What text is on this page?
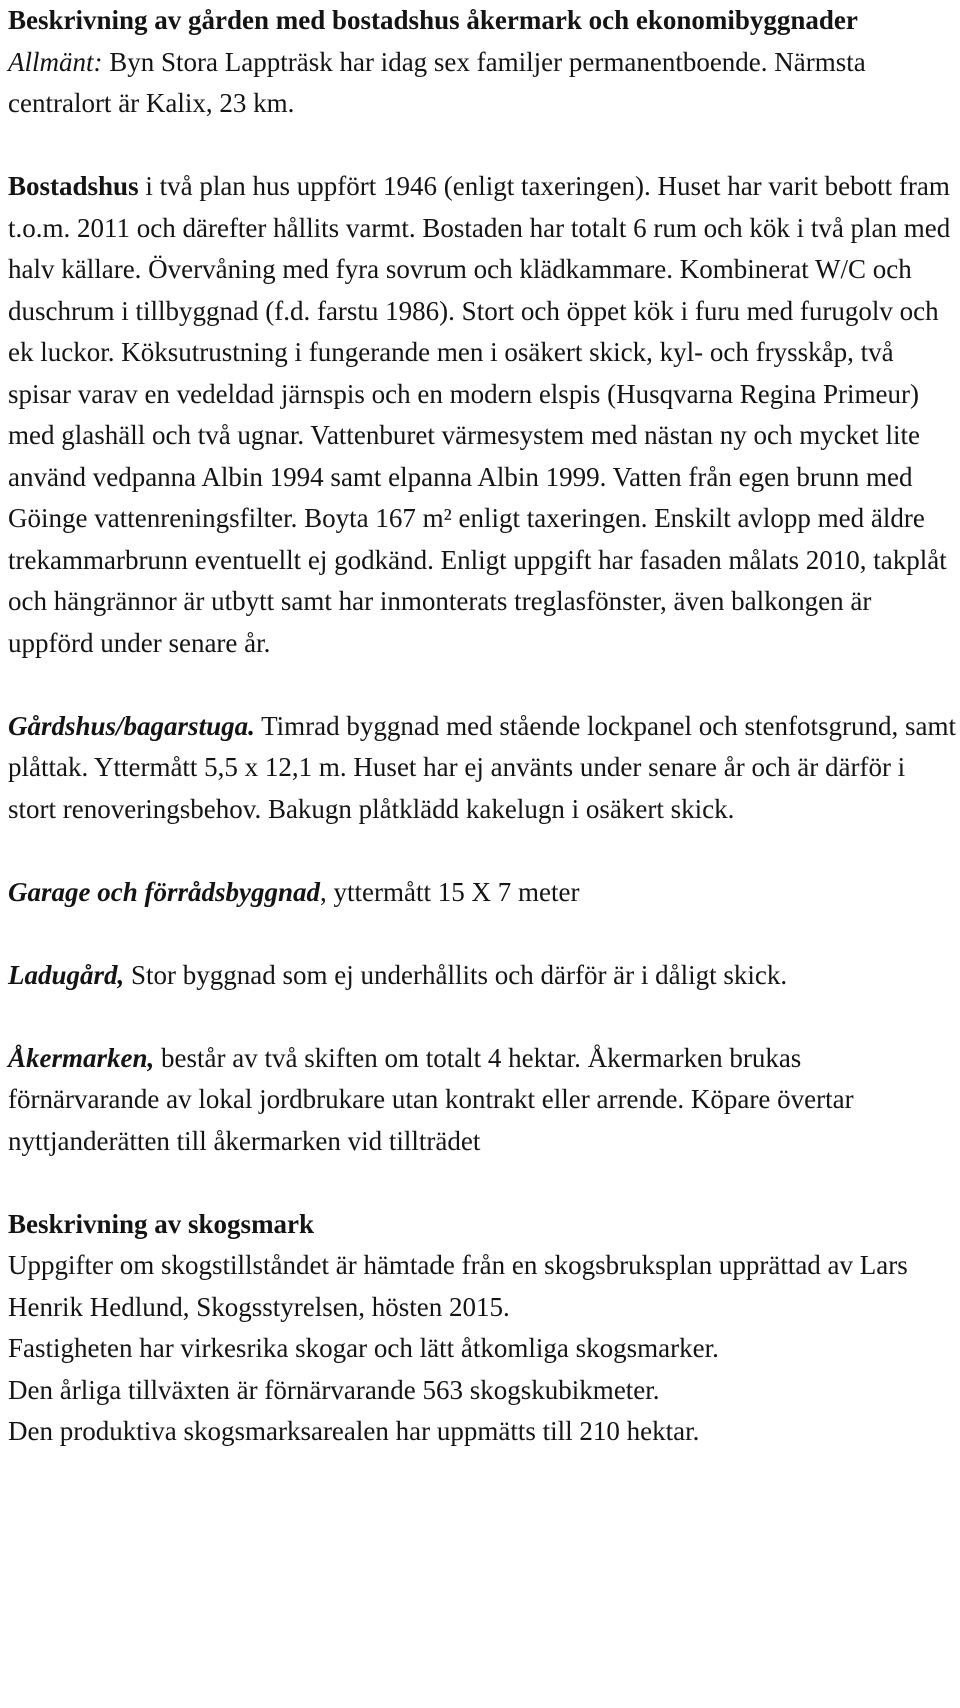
Beskrivning av gården med bostadshus åkermark och ekonomibyggnader

Allmänt: Byn Stora Lappträsk har idag sex familjer permanentboende. Närmsta centralort är Kalix, 23 km.

Bostadshus i två plan hus uppfört 1946 (enligt taxeringen). Huset har varit bebott fram t.o.m. 2011 och därefter hållits varmt. Bostaden har totalt 6 rum och kök i två plan med halv källare. Övervåning med fyra sovrum och klädkammare. Kombinerat W/C och duschrum i tillbyggnad (f.d. farstu 1986). Stort och öppet kök i furu med furugolv och ek luckor. Köksutrustning i fungerande men i osäkert skick, kyl- och frysskåp, två spisar varav en vedeldad järnspis och en modern elspis (Husqvarna Regina Primeur) med glashäll och två ugnar. Vattenburet värmesystem med nästan ny och mycket lite använd vedpanna Albin 1994 samt elpanna Albin 1999. Vatten från egen brunn med Göinge vattenreningsfilter. Boyta 167 m² enligt taxeringen. Enskilt avlopp med äldre trekammarbrunn eventuellt ej godkänd. Enligt uppgift har fasaden målats 2010, takplåt och hängrännor är utbytt samt har inmonterats treglasfönster, även balkongen är uppförd under senare år.

Gårdshus/bagarstuga. Timrad byggnad med stående lockpanel och stenfotsgrund, samt plåttak. Yttermått 5,5 x 12,1 m. Huset har ej använts under senare år och är därför i stort renoveringsbehov. Bakugn plåtklädd kakelugn i osäkert skick.

Garage och förrådsbyggnad, yttermått 15 X 7 meter

Ladugård, Stor byggnad som ej underhållits och därför är i dåligt skick.

Åkermarken, består av två skiften om totalt 4 hektar. Åkermarken brukas förnärvarande av lokal jordbrukare utan kontrakt eller arrende. Köpare övertar nyttjanderätten till åkermarken vid tillträdet

Beskrivning av skogsmark

Uppgifter om skogstillståndet är hämtade från en skogsbruksplan upprättad av Lars Henrik Hedlund, Skogsstyrelsen, hösten 2015.

Fastigheten har virkesrika skogar och lätt åtkomliga skogsmarker.

Den årliga tillväxten är förnärvarande 563 skogskubikmeter.

Den produktiva skogsmarksarealen har uppmätts till 210 hektar.
